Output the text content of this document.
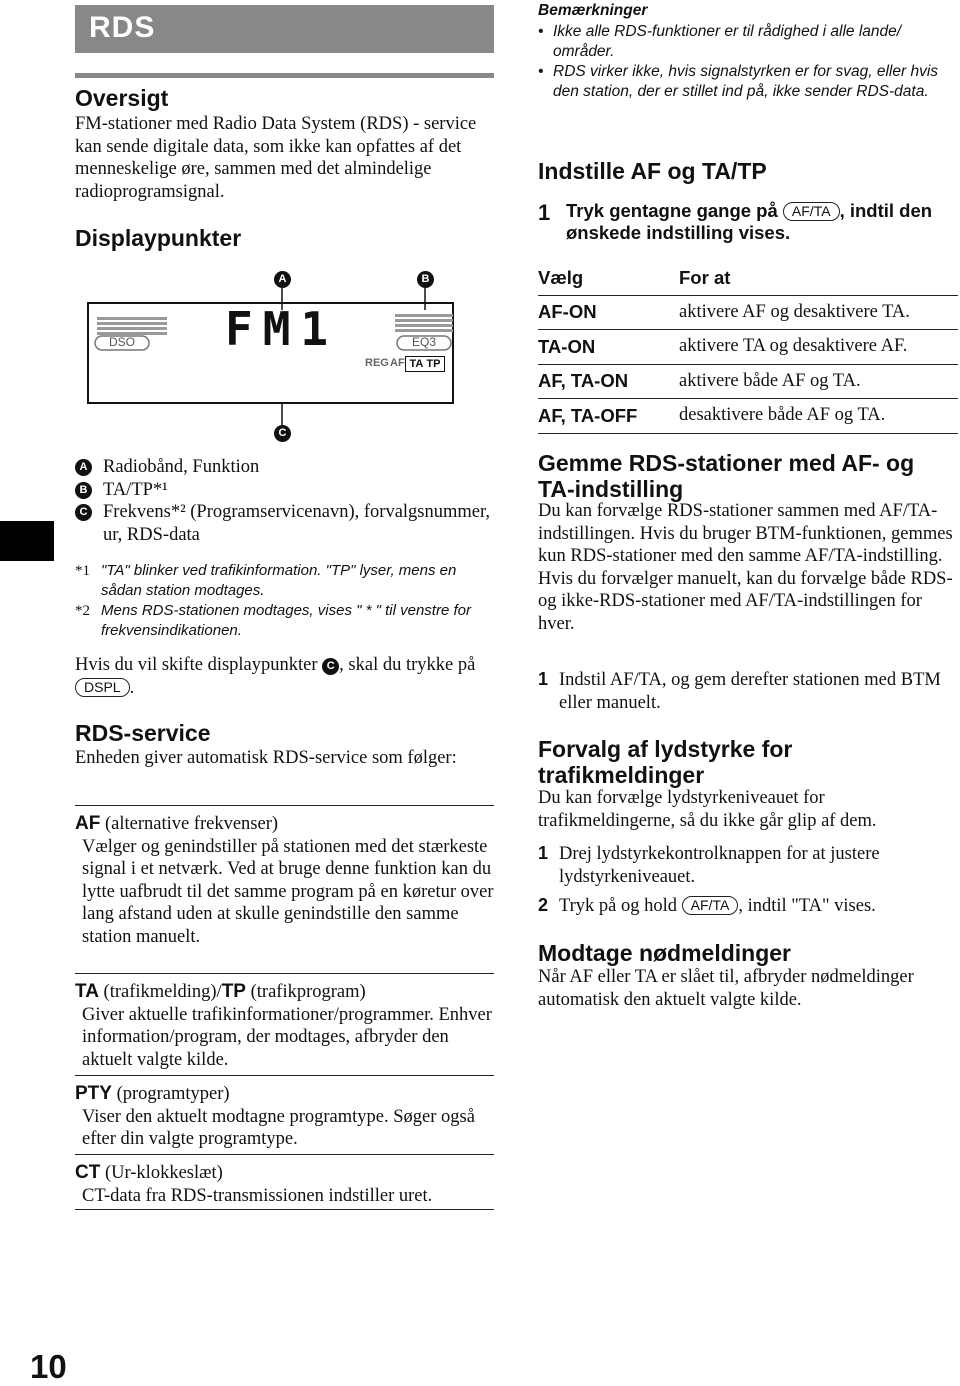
RDS
Oversigt

FM-stationer med Radio Data System (RDS) - service kan sende digitale data, som ikke kan opfattes af det menneskelige øre, sammen med det almindelige radioprogramsignal.

Displaypunkter
DSO	EQ3
FM1
REG AF TA TP
A	B
C
A Radiobånd, Funktion
B TA/TP*¹
C Frekvens*² (Programservicenavn), forvalgsnummer, ur, RDS-data
*1 "TA" blinker ved trafikinformation. "TP" lyser, mens en sådan station modtages.
*2 Mens RDS-stationen modtages, vises " * " til venstre for frekvensindikationen.

Hvis du vil skifte displaypunkter C , skal du trykke på DSPL .

RDS-service

Enheden giver automatisk RDS-service som følger:

AF (alternative frekvenser)
Vælger og genindstiller på stationen med det stærkeste signal i et netværk. Ved at bruge denne funktion kan du lytte uafbrudt til det samme program på en køretur over lang afstand uden at skulle genindstille den samme station manuelt.
TA (trafikmelding)/TP (trafikprogram)
Giver aktuelle trafikinformationer/programmer. Enhver information/program, der modtages, afbryder den aktuelt valgte kilde.
PTY (programtyper)
Viser den aktuelt modtagne programtype. Søger også efter din valgte programtype.
CT (Ur-klokkeslæt)
CT-data fra RDS-transmissionen indstiller uret.
10
Bemærkninger
• Ikke alle RDS-funktioner er til rådighed i alle lande/ områder.
• RDS virker ikke, hvis signalstyrken er for svag, eller hvis den station, der er stillet ind på, ikke sender RDS-data.
Indstille AF og TA/TP
1 Tryk gentagne gange på AF/TA , indtil den ønskede indstilling vises.
Vælg	For at
AF-ON	aktivere AF og desaktivere TA.
TA-ON	aktivere TA og desaktivere AF.
AF, TA-ON	aktivere både AF og TA.
AF, TA-OFF	desaktivere både AF og TA.
Gemme RDS-stationer med AF- og TA-indstilling

Du kan forvælge RDS-stationer sammen med AF/TA-indstillingen. Hvis du bruger BTM-funktionen, gemmes kun RDS-stationer med den samme AF/TA-indstilling.
Hvis du forvælger manuelt, kan du forvælge både RDS- og ikke-RDS-stationer med AF/TA-indstillingen for hver.

1 Indstil AF/TA, og gem derefter stationen med BTM eller manuelt.
Forvalg af lydstyrke for trafikmeldinger

Du kan forvælge lydstyrkeniveauet for trafikmeldingerne, så du ikke går glip af dem.

1 Drej lydstyrkekontrolknappen for at justere lydstyrkeniveauet.
2 Tryk på og hold AF/TA , indtil "TA" vises.
Modtage nødmeldinger

Når AF eller TA er slået til, afbryder nødmeldinger automatisk den aktuelt valgte kilde.
